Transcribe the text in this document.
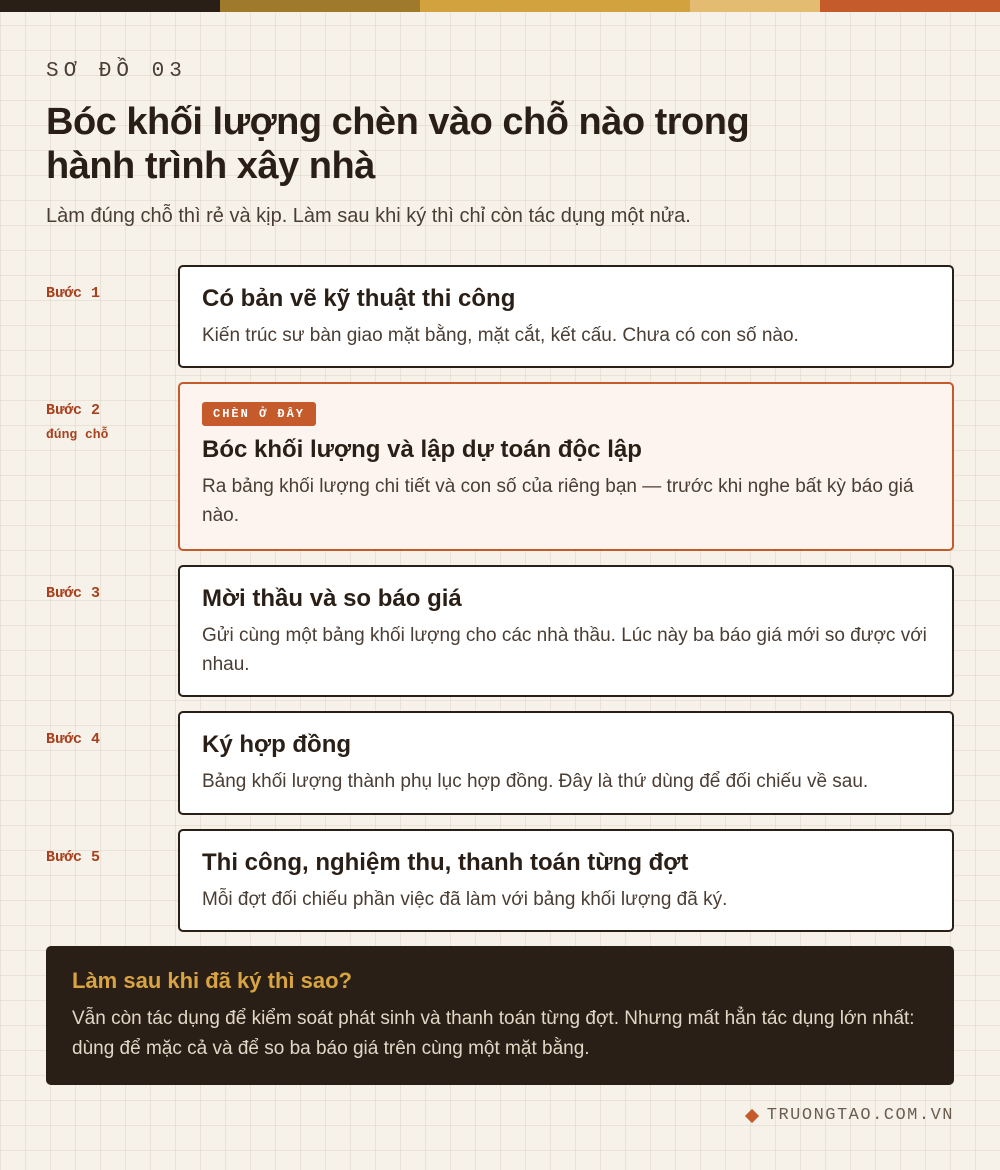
SƠ ĐỒ 03
Bóc khối lượng chèn vào chỗ nào trong hành trình xây nhà
Làm đúng chỗ thì rẻ và kịp. Làm sau khi ký thì chỉ còn tác dụng một nửa.
Bước 1	Có bản vẽ kỹ thuật thi công

Kiến trúc sư bàn giao mặt bằng, mặt cắt, kết cấu. Chưa có con số nào.

Bước 2
đúng chỗ
CHÈN Ở ĐÂY
Bóc khối lượng và lập dự toán độc lập

Ra bảng khối lượng chi tiết và con số của riêng bạn — trước khi nghe bất kỳ báo giá nào.

Bước 3	Mời thầu và so báo giá

Gửi cùng một bảng khối lượng cho các nhà thầu. Lúc này ba báo giá mới so được với nhau.

Bước 4	Ký hợp đồng

Bảng khối lượng thành phụ lục hợp đồng. Đây là thứ dùng để đối chiếu về sau.

Bước 5	Thi công, nghiệm thu, thanh toán từng đợt

Mỗi đợt đối chiếu phần việc đã làm với bảng khối lượng đã ký.

Làm sau khi đã ký thì sao?

Vẫn còn tác dụng để kiểm soát phát sinh và thanh toán từng đợt. Nhưng mất hẳn tác dụng lớn nhất: dùng để mặc cả và để so ba báo giá trên cùng một mặt bằng.

TRUONGTAO.COM.VN
